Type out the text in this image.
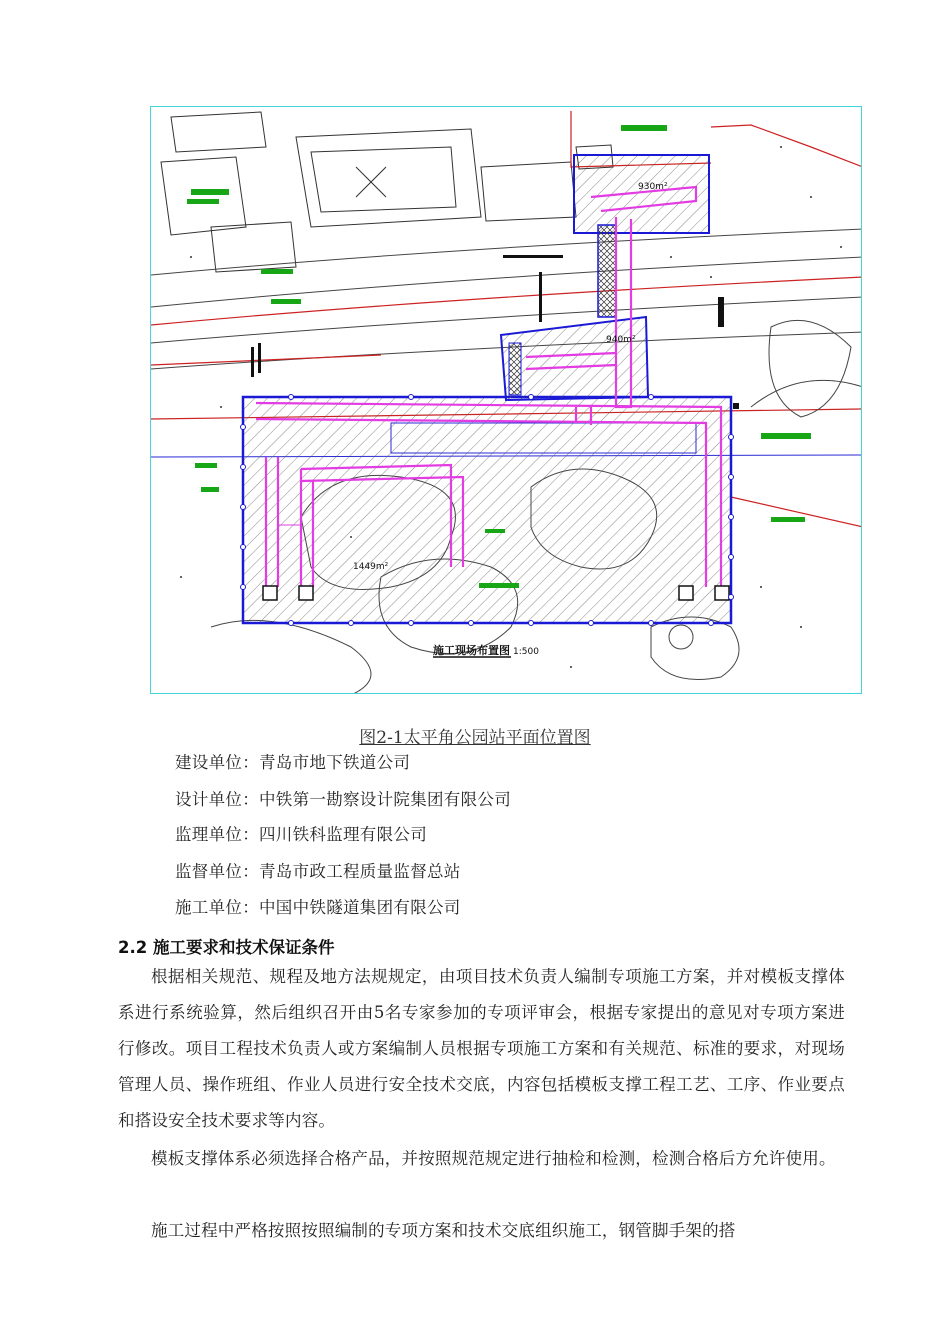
1449m²
940m²
930m²
施工现场布置图 1:500
图2-1太平角公园站平面位置图
建设单位：青岛市地下铁道公司
设计单位：中铁第一勘察设计院集团有限公司
监理单位：四川铁科监理有限公司
监督单位：青岛市政工程质量监督总站
施工单位：中国中铁隧道集团有限公司
2.2 施工要求和技术保证条件

根据相关规范、规程及地方法规规定，由项目技术负责人编制专项施工方案，并对模板支撑体系进行系统验算，然后组织召开由5名专家参加的专项评审会，根据专家提出的意见对专项方案进行修改。项目工程技术负责人或方案编制人员根据专项施工方案和有关规范、标准的要求，对现场管理人员、操作班组、作业人员进行安全技术交底，内容包括模板支撑工程工艺、工序、作业要点和搭设安全技术要求等内容。

模板支撑体系必须选择合格产品，并按照规范规定进行抽检和检测，检测合格后方允许使用。

施工过程中严格按照按照编制的专项方案和技术交底组织施工，钢管脚手架的搭
